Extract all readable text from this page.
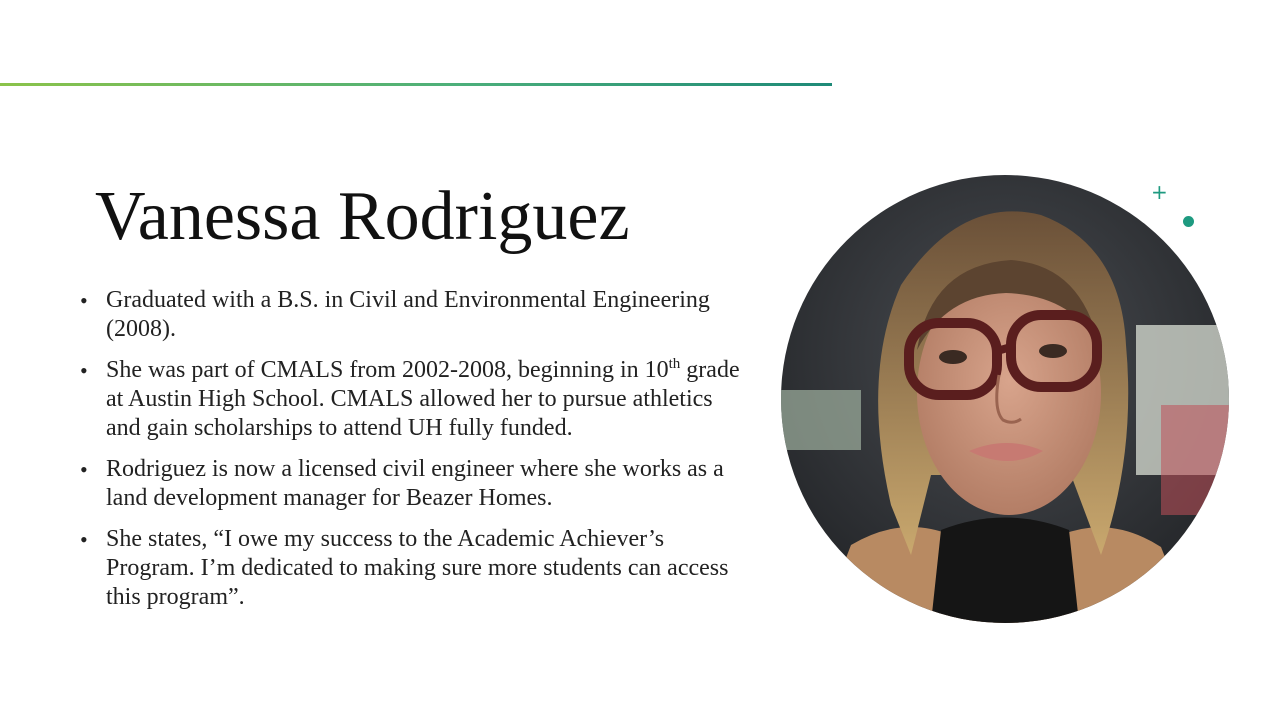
Vanessa Rodriguez
• Graduated with a B.S. in Civil and Environmental Engineering (2008).
• She was part of CMALS from 2002-2008, beginning in 10th grade at Austin High School. CMALS allowed her to pursue athletics and gain scholarships to attend UH fully funded.
• Rodriguez is now a licensed civil engineer where she works as a land development manager for Beazer Homes.
• She states, “I owe my success to the Academic Achiever’s Program. I’m dedicated to making sure more students can access this program”.
+
